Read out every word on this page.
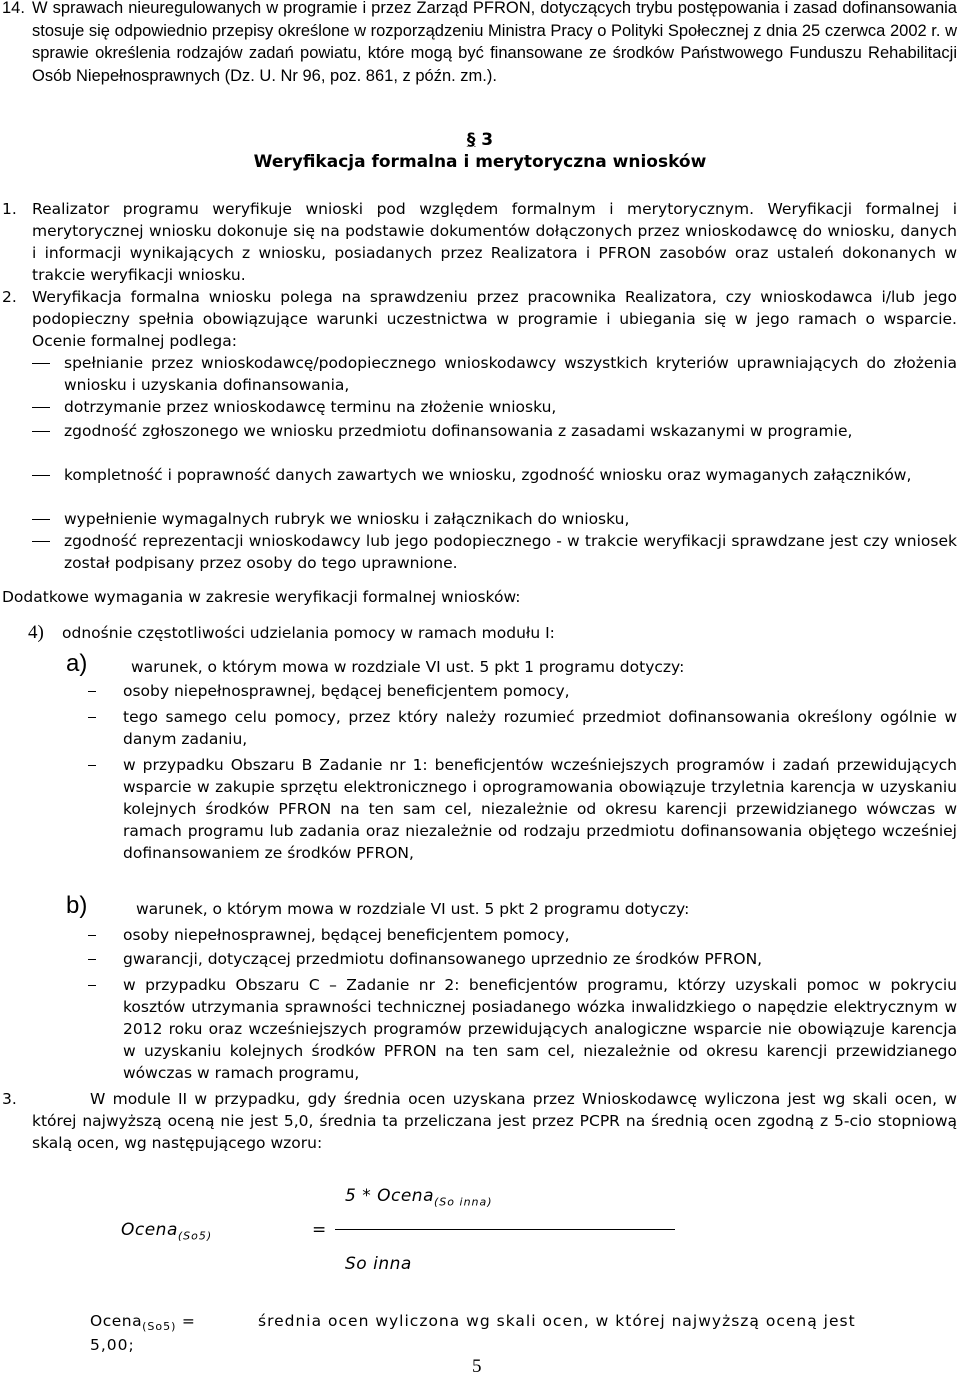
14. W sprawach nieuregulowanych w programie i przez Zarząd PFRON, dotyczących trybu postępowania i zasad dofinansowania stosuje się odpowiednio przepisy określone w rozporządzeniu Ministra Pracy o Polityki Społecznej z dnia 25 czerwca 2002 r. w sprawie określenia rodzajów zadań powiatu, które mogą być finansowane ze środków Państwowego Funduszu Rehabilitacji Osób Niepełnosprawnych (Dz. U. Nr 96, poz. 861, z późn. zm.).
§ 3
Weryfikacja formalna i merytoryczna wniosków
1. Realizator programu weryfikuje wnioski pod względem formalnym i merytorycznym. Weryfikacji formalnej i merytorycznej wniosku dokonuje się na podstawie dokumentów dołączonych przez wnioskodawcę do wniosku, danych i informacji wynikających z wniosku, posiadanych przez Realizatora i PFRON zasobów oraz ustaleń dokonanych w trakcie weryfikacji wniosku.
2. Weryfikacja formalna wniosku polega na sprawdzeniu przez pracownika Realizatora, czy wnioskodawca i/lub jego podopieczny spełnia obowiązujące warunki uczestnictwa w programie i ubiegania się w jego ramach o wsparcie. Ocenie formalnej podlega:
spełnianie przez wnioskodawcę/podopiecznego wnioskodawcy wszystkich kryteriów uprawniających do złożenia wniosku i uzyskania dofinansowania,
dotrzymanie przez wnioskodawcę terminu na złożenie wniosku,
zgodność zgłoszonego we wniosku przedmiotu dofinansowania z zasadami wskazanymi w programie,
kompletność i poprawność danych zawartych we wniosku, zgodność wniosku oraz wymaganych załączników,
wypełnienie wymagalnych rubryk we wniosku i załącznikach do wniosku,
zgodność reprezentacji wnioskodawcy lub jego podopiecznego - w trakcie weryfikacji sprawdzane jest czy wniosek został podpisany przez osoby do tego uprawnione.
Dodatkowe wymagania w zakresie weryfikacji formalnej wniosków:
4) odnośnie częstotliwości udzielania pomocy w ramach modułu I:
a)	warunek, o którym mowa w rozdziale VI ust. 5 pkt 1 programu dotyczy:
osoby niepełnosprawnej, będącej beneficjentem pomocy,
tego samego celu pomocy, przez który należy rozumieć przedmiot dofinansowania określony ogólnie w danym zadaniu,
w przypadku Obszaru B Zadanie nr 1: beneficjentów wcześniejszych programów i zadań przewidujących wsparcie w zakupie sprzętu elektronicznego i oprogramowania obowiązuje trzyletnia karencja w uzyskaniu kolejnych środków PFRON na ten sam cel, niezależnie od okresu karencji przewidzianego wówczas w ramach programu lub zadania oraz niezależnie od rodzaju przedmiotu dofinansowania objętego wcześniej dofinansowaniem ze środków PFRON,
b)	warunek, o którym mowa w rozdziale VI ust. 5 pkt 2 programu dotyczy:
osoby niepełnosprawnej, będącej beneficjentem pomocy,
gwarancji, dotyczącej przedmiotu dofinansowanego uprzednio ze środków PFRON,
w przypadku Obszaru C – Zadanie nr 2: beneficjentów programu, którzy uzyskali pomoc w pokryciu kosztów utrzymania sprawności technicznej posiadanego wózka inwalidzkiego o napędzie elektrycznym w 2012 roku oraz wcześniejszych programów przewidujących analogiczne wsparcie nie obowiązuje karencja w uzyskaniu kolejnych środków PFRON na ten sam cel, niezależnie od okresu karencji przewidzianego wówczas w ramach programu,
3.	W module II w przypadku, gdy średnia ocen uzyskana przez Wnioskodawcę wyliczona jest wg skali ocen, w której najwyższą oceną nie jest 5,0, średnia ta przeliczana jest przez PCPR na średnią ocen zgodną z 5-cio stopniową skalą ocen, wg następującego wzoru:
5 * Ocena$_{(So inna)}$
Ocena$_{(So5)}$	=
So inna
Ocena$_{(So5)}$ =	średnia ocen wyliczona wg skali ocen, w której najwyższą oceną jest
5,00;
5
